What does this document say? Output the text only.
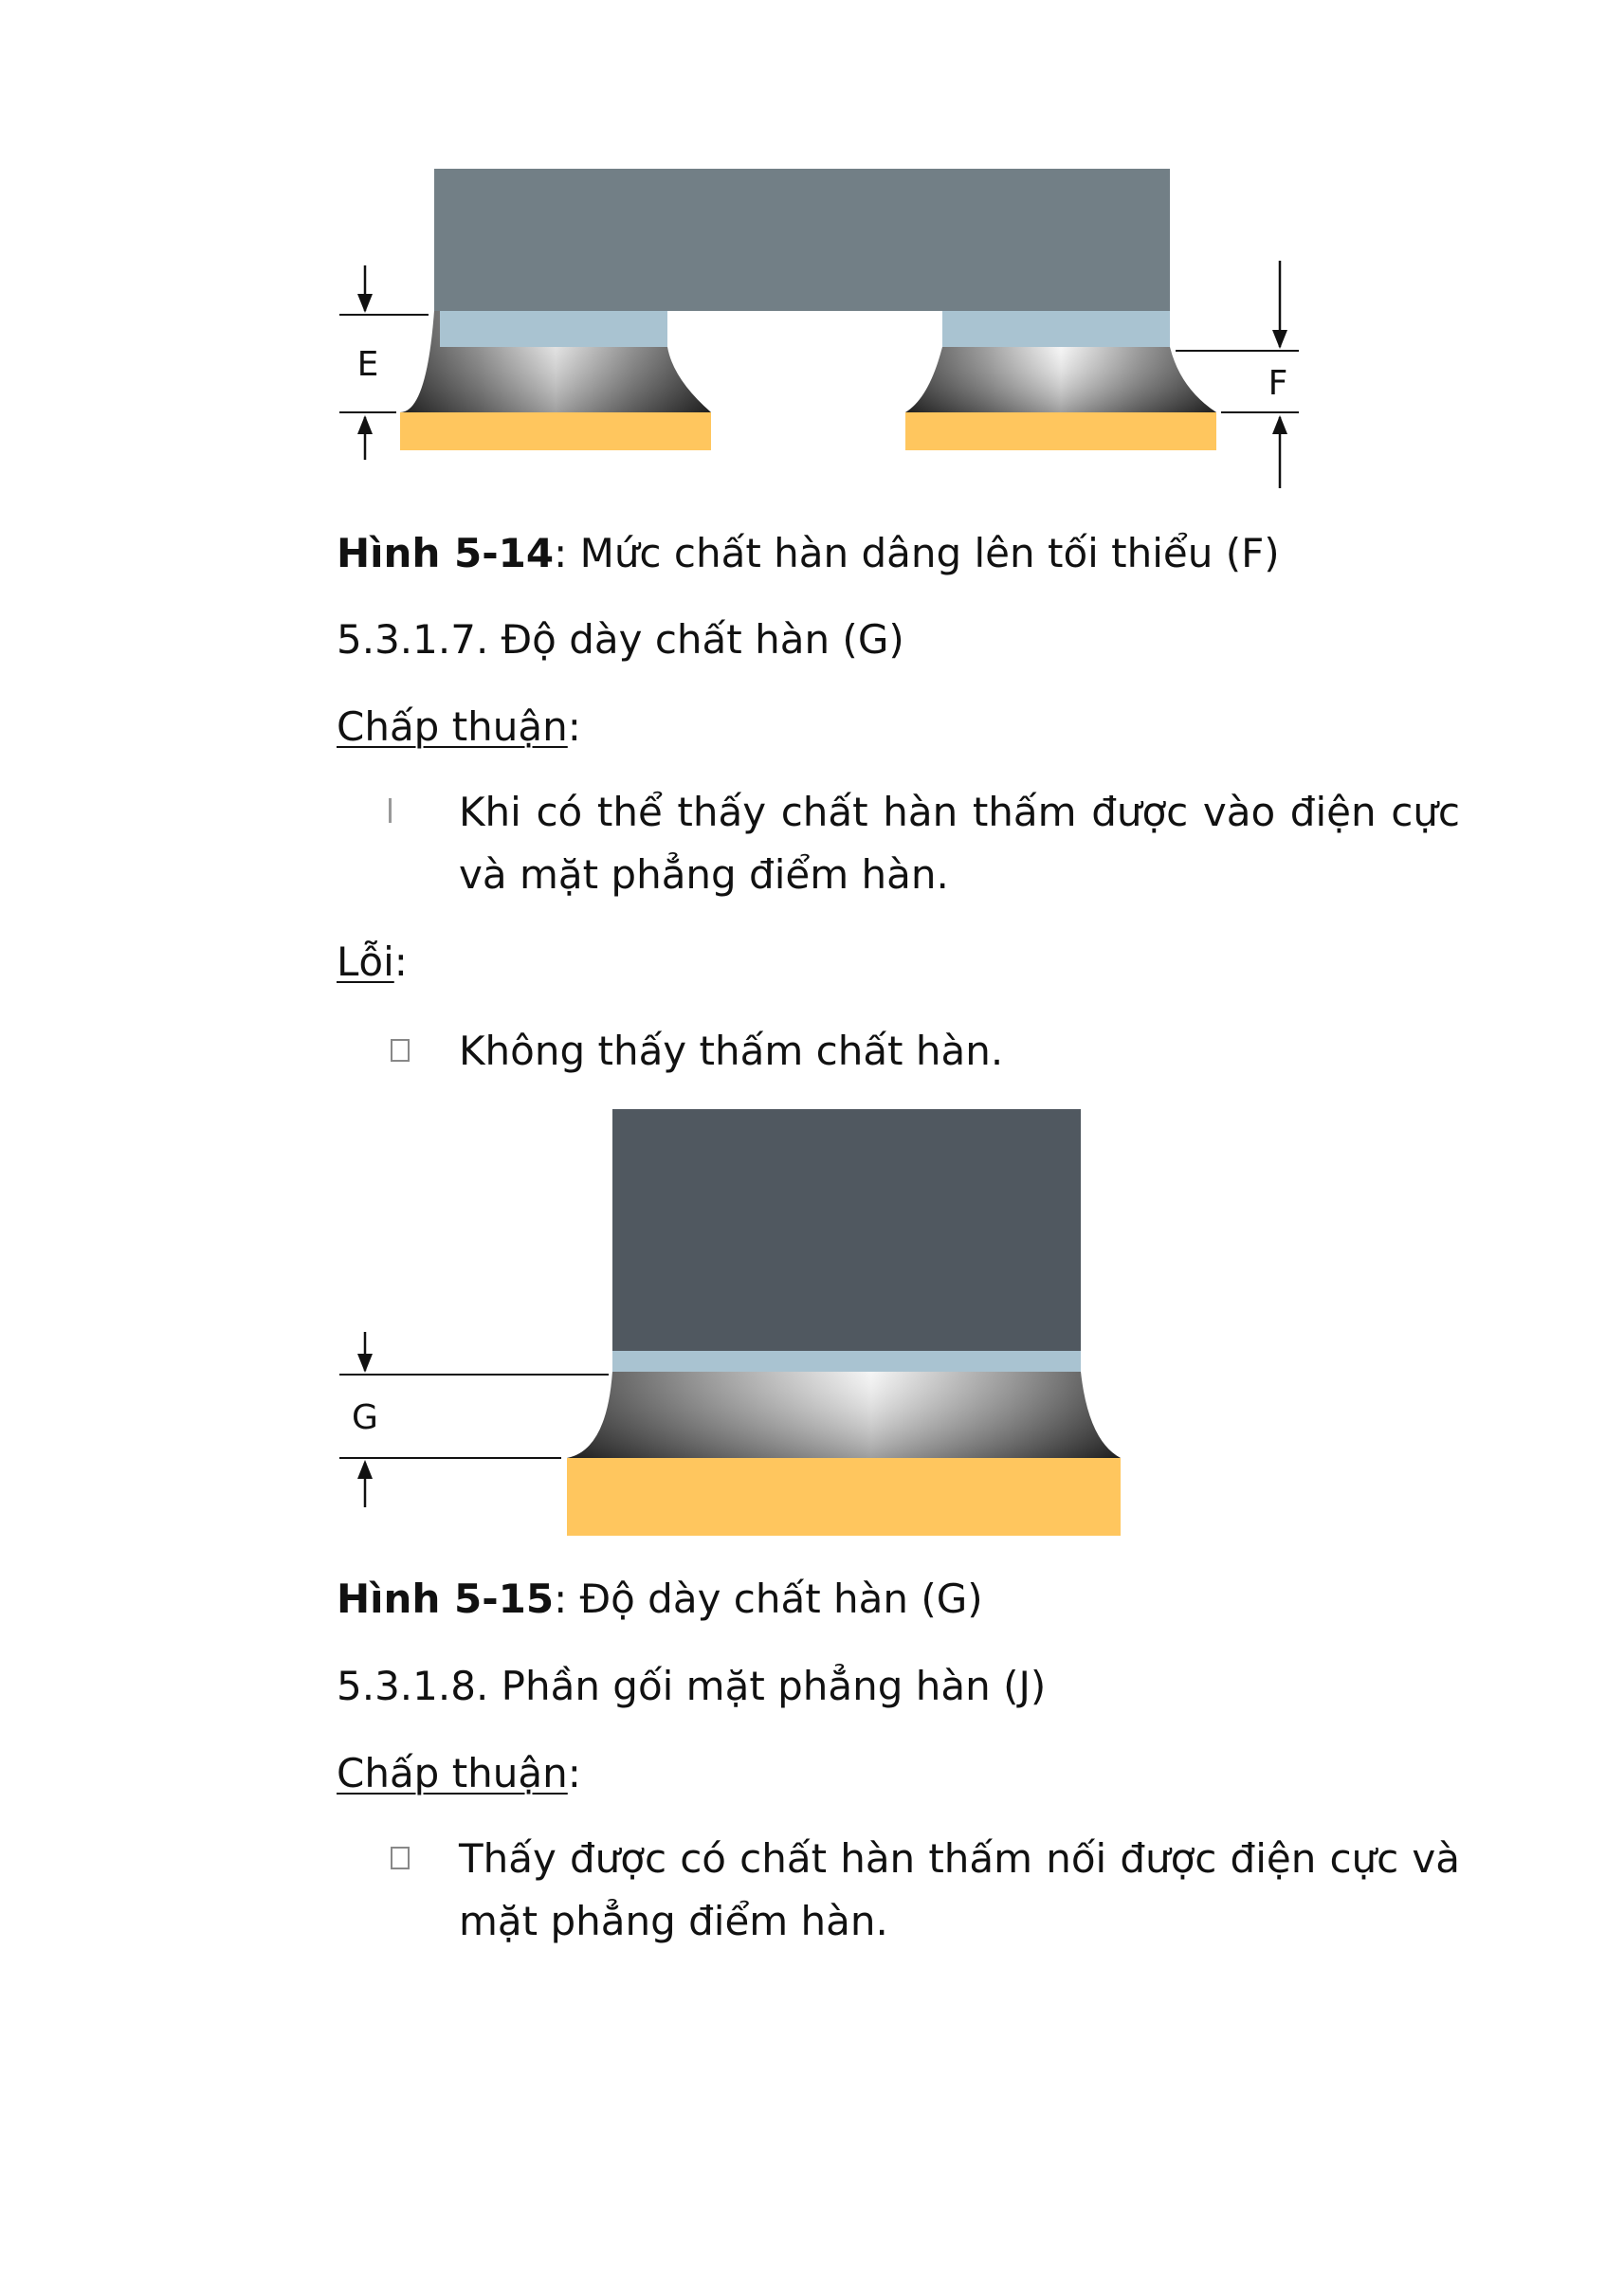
E	F
Hình 5-14: Mức chất hàn dâng lên tối thiểu (F)
5.3.1.7. Độ dày chất hàn (G)
Chấp thuận:
Khi có thể thấy chất hàn thấm được vào điện cực và mặt phẳng điểm hàn.
Lỗi:
Không thấy thấm chất hàn.
G
Hình 5-15: Độ dày chất hàn (G)
5.3.1.8. Phần gối mặt phẳng hàn (J)
Chấp thuận:
Thấy được có chất hàn thấm nối được điện cực và mặt phẳng điểm hàn.
